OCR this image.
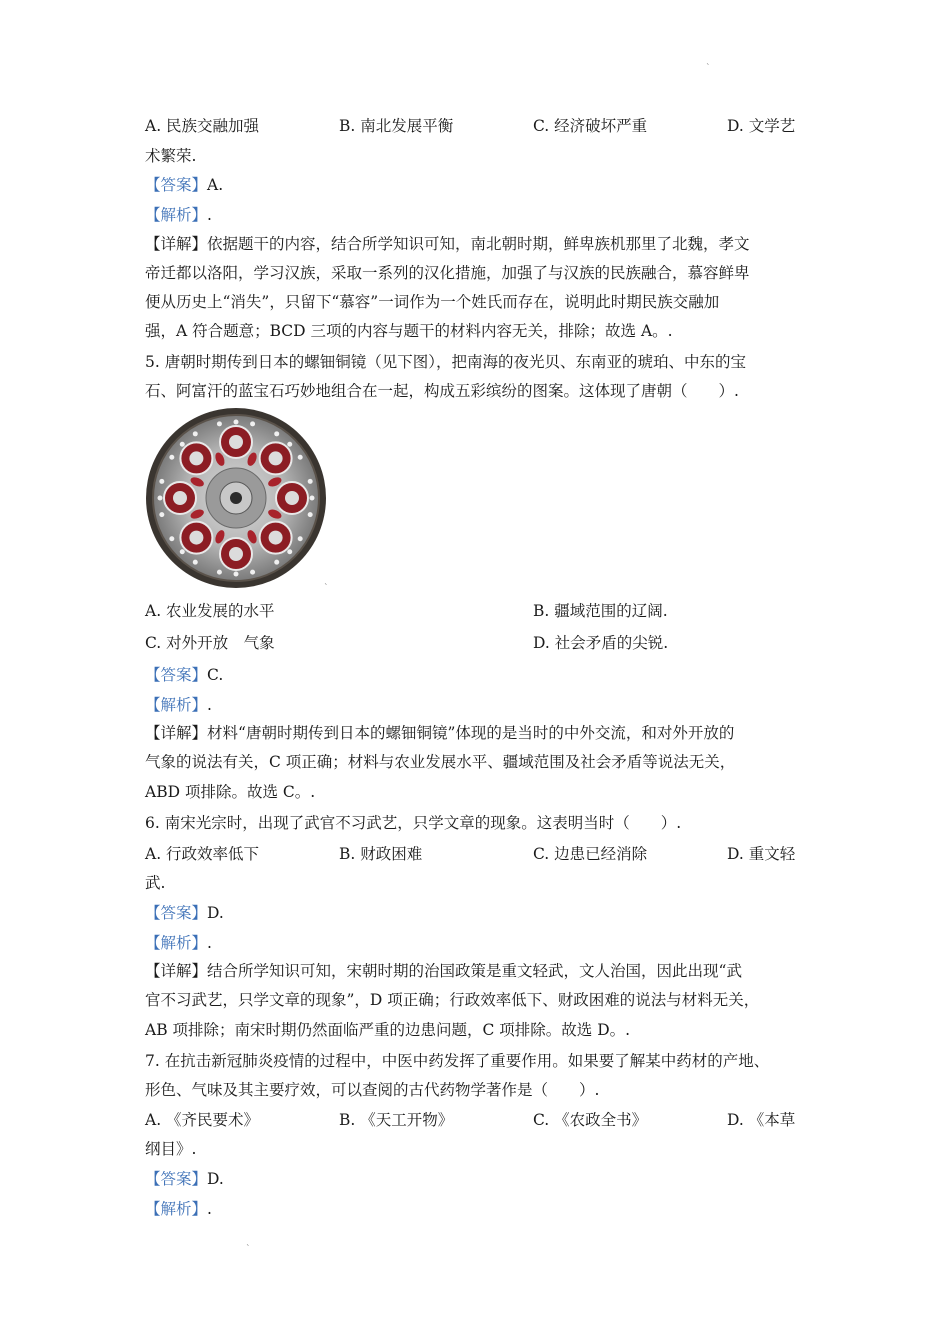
`
A. 民族交融加强	B. 南北发展平衡	C. 经济破坏严重	D. 文学艺
术繁荣.
【答案】A.
【解析】.
【详解】依据题干的内容，结合所学知识可知，南北朝时期，鲜卑族机那里了北魏，孝文
帝迁都以洛阳，学习汉族，采取一系列的汉化措施，加强了与汉族的民族融合，慕容鲜卑
便从历史上“消失”，只留下“慕容”一词作为一个姓氏而存在，说明此时期民族交融加
强，A 符合题意；BCD 三项的内容与题干的材料内容无关，排除；故选 A。.
5. 唐朝时期传到日本的螺钿铜镜（见下图），把南海的夜光贝、东南亚的琥珀、中东的宝
石、阿富汗的蓝宝石巧妙地组合在一起，构成五彩缤纷的图案。这体现了唐朝（　　）.
`
A. 农业发展的水平	B. 疆域范围的辽阔.
C. 对外开放　气象	D. 社会矛盾的尖锐.
【答案】C.
【解析】.
【详解】材料“唐朝时期传到日本的螺钿铜镜”体现的是当时的中外交流，和对外开放的
气象的说法有关，C 项正确；材料与农业发展水平、疆域范围及社会矛盾等说法无关，
ABD 项排除。故选 C。.
6. 南宋光宗时，出现了武官不习武艺，只学文章的现象。这表明当时（　　）.
A. 行政效率低下	B. 财政困难	C. 边患已经消除	D. 重文轻
武.
【答案】D.
【解析】.
【详解】结合所学知识可知，宋朝时期的治国政策是重文轻武，文人治国，因此出现“武
官不习武艺，只学文章的现象”，D 项正确；行政效率低下、财政困难的说法与材料无关，
AB 项排除；南宋时期仍然面临严重的边患问题，C 项排除。故选 D。.
7. 在抗击新冠肺炎疫情的过程中，中医中药发挥了重要作用。如果要了解某中药材的产地、
形色、气味及其主要疗效，可以查阅的古代药物学著作是（　　）.
A. 《齐民要术》	B. 《天工开物》	C. 《农政全书》	D. 《本草
纲目》.
【答案】D.
【解析】.
`
